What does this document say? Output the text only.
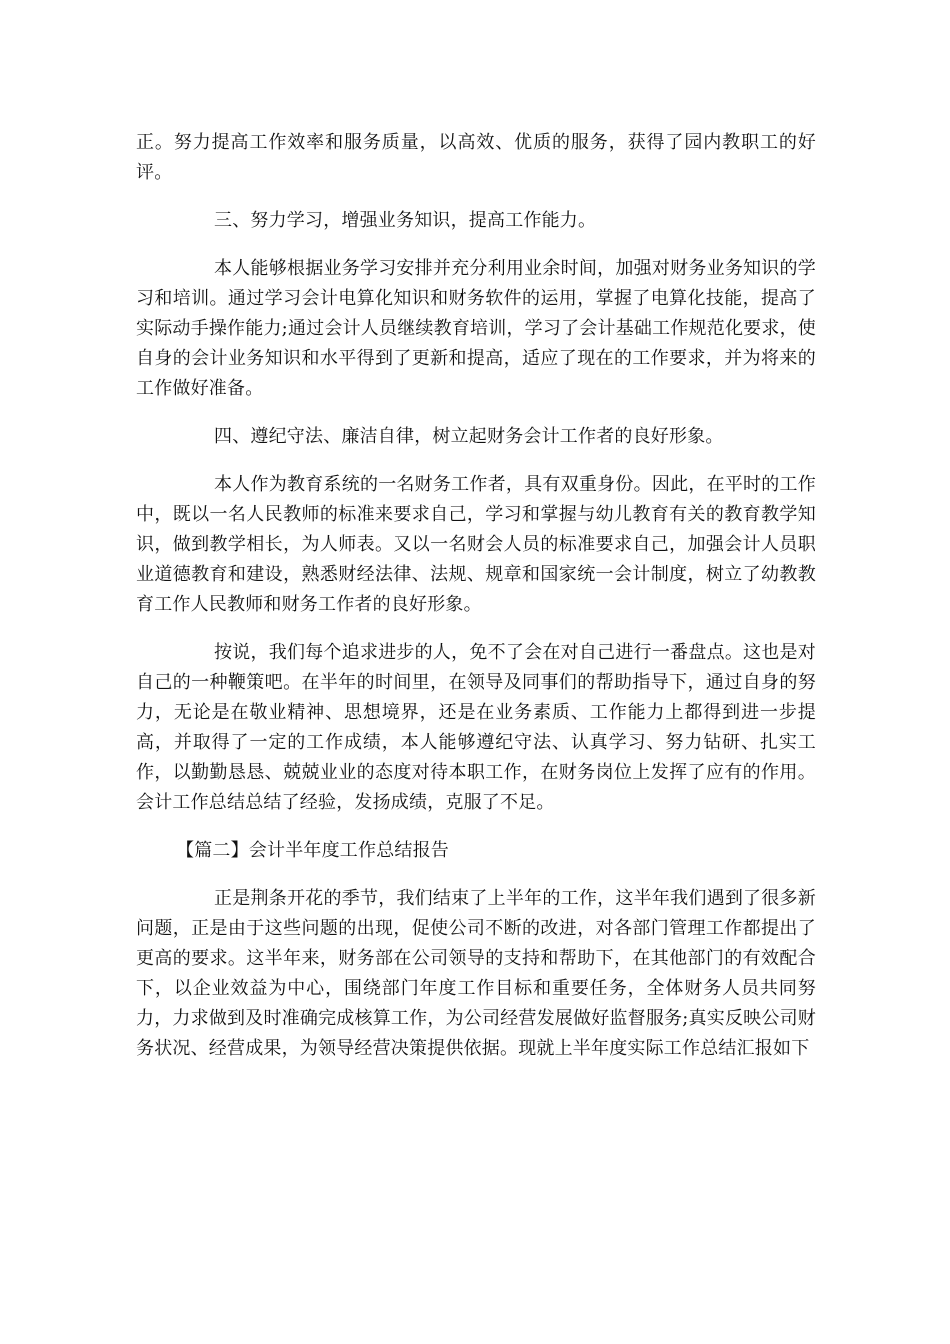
正。努力提高工作效率和服务质量，以高效、优质的服务，获得了园内教职工的好评。

三、努力学习，增强业务知识，提高工作能力。

本人能够根据业务学习安排并充分利用业余时间，加强对财务业务知识的学习和培训。通过学习会计电算化知识和财务软件的运用，掌握了电算化技能，提高了实际动手操作能力;通过会计人员继续教育培训，学习了会计基础工作规范化要求，使自身的会计业务知识和水平得到了更新和提高，适应了现在的工作要求，并为将来的工作做好准备。

四、遵纪守法、廉洁自律，树立起财务会计工作者的良好形象。

本人作为教育系统的一名财务工作者，具有双重身份。因此，在平时的工作中，既以一名人民教师的标准来要求自己，学习和掌握与幼儿教育有关的教育教学知识，做到教学相长，为人师表。又以一名财会人员的标准要求自己，加强会计人员职业道德教育和建设，熟悉财经法律、法规、规章和国家统一会计制度，树立了幼教教育工作人民教师和财务工作者的良好形象。

按说，我们每个追求进步的人，免不了会在对自己进行一番盘点。这也是对自己的一种鞭策吧。在半年的时间里，在领导及同事们的帮助指导下，通过自身的努力，无论是在敬业精神、思想境界，还是在业务素质、工作能力上都得到进一步提高，并取得了一定的工作成绩，本人能够遵纪守法、认真学习、努力钻研、扎实工作，以勤勤恳恳、兢兢业业的态度对待本职工作，在财务岗位上发挥了应有的作用。会计工作总结总结了经验，发扬成绩，克服了不足。

【篇二】会计半年度工作总结报告

正是荆条开花的季节，我们结束了上半年的工作，这半年我们遇到了很多新问题，正是由于这些问题的出现，促使公司不断的改进，对各部门管理工作都提出了更高的要求。这半年来，财务部在公司领导的支持和帮助下，在其他部门的有效配合下，以企业效益为中心，围绕部门年度工作目标和重要任务，全体财务人员共同努力，力求做到及时准确完成核算工作，为公司经营发展做好监督服务;真实反映公司财务状况、经营成果，为领导经营决策提供依据。现就上半年度实际工作总结汇报如下
